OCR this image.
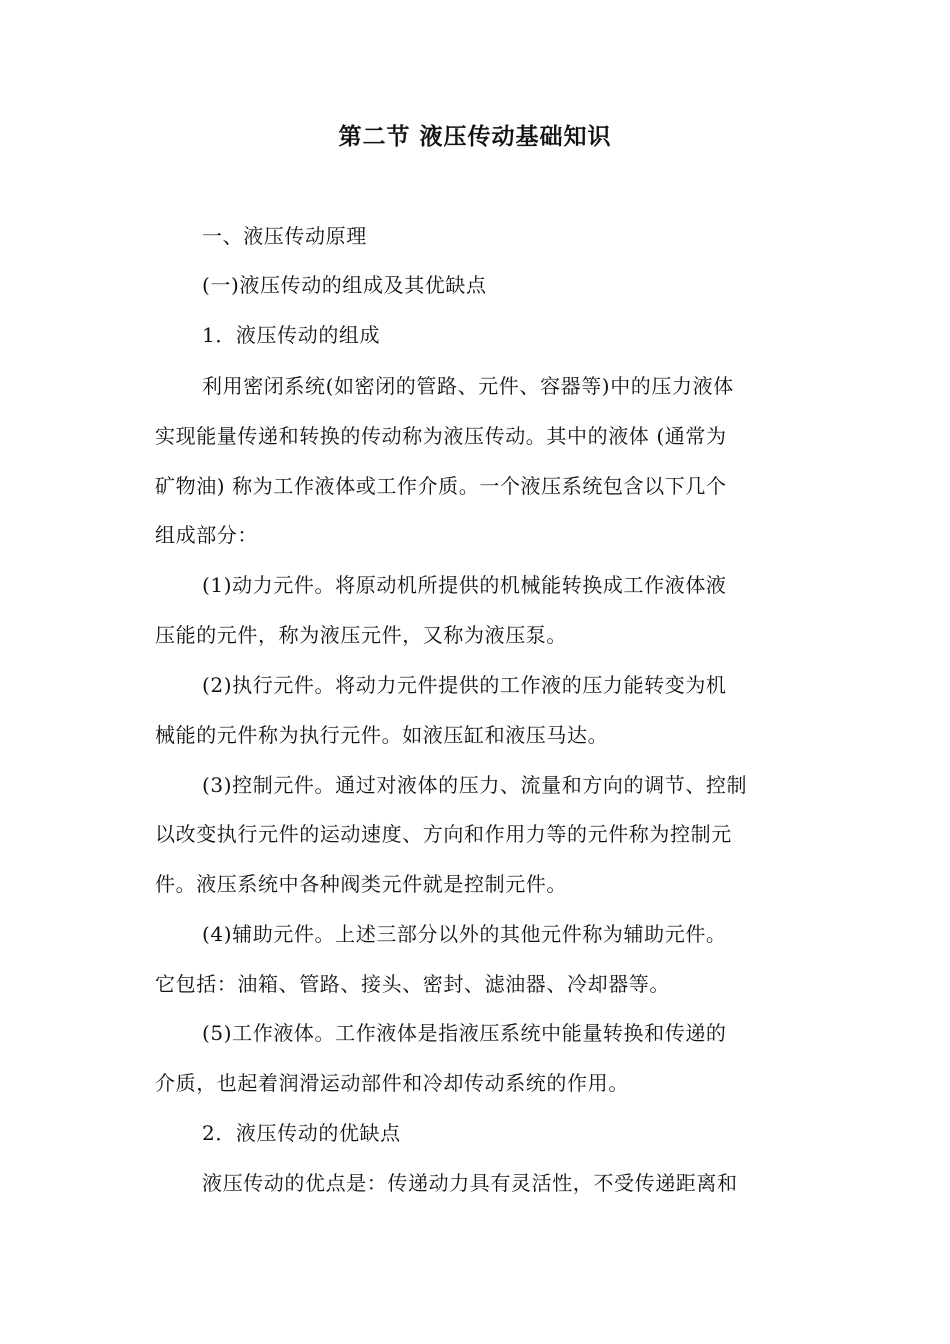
第二节 液压传动基础知识
一、液压传动原理
(一)液压传动的组成及其优缺点
1．液压传动的组成
利用密闭系统(如密闭的管路、元件、容器等)中的压力液体
实现能量传递和转换的传动称为液压传动。其中的液体 (通常为
矿物油) 称为工作液体或工作介质。一个液压系统包含以下几个
组成部分：
(1)动力元件。将原动机所提供的机械能转换成工作液体液
压能的元件，称为液压元件，又称为液压泵。
(2)执行元件。将动力元件提供的工作液的压力能转变为机
械能的元件称为执行元件。如液压缸和液压马达。
(3)控制元件。通过对液体的压力、流量和方向的调节、控制
以改变执行元件的运动速度、方向和作用力等的元件称为控制元
件。液压系统中各种阀类元件就是控制元件。
(4)辅助元件。上述三部分以外的其他元件称为辅助元件。
它包括：油箱、管路、接头、密封、滤油器、冷却器等。
(5)工作液体。工作液体是指液压系统中能量转换和传递的
介质，也起着润滑运动部件和冷却传动系统的作用。
2．液压传动的优缺点
液压传动的优点是：传递动力具有灵活性，不受传递距离和
